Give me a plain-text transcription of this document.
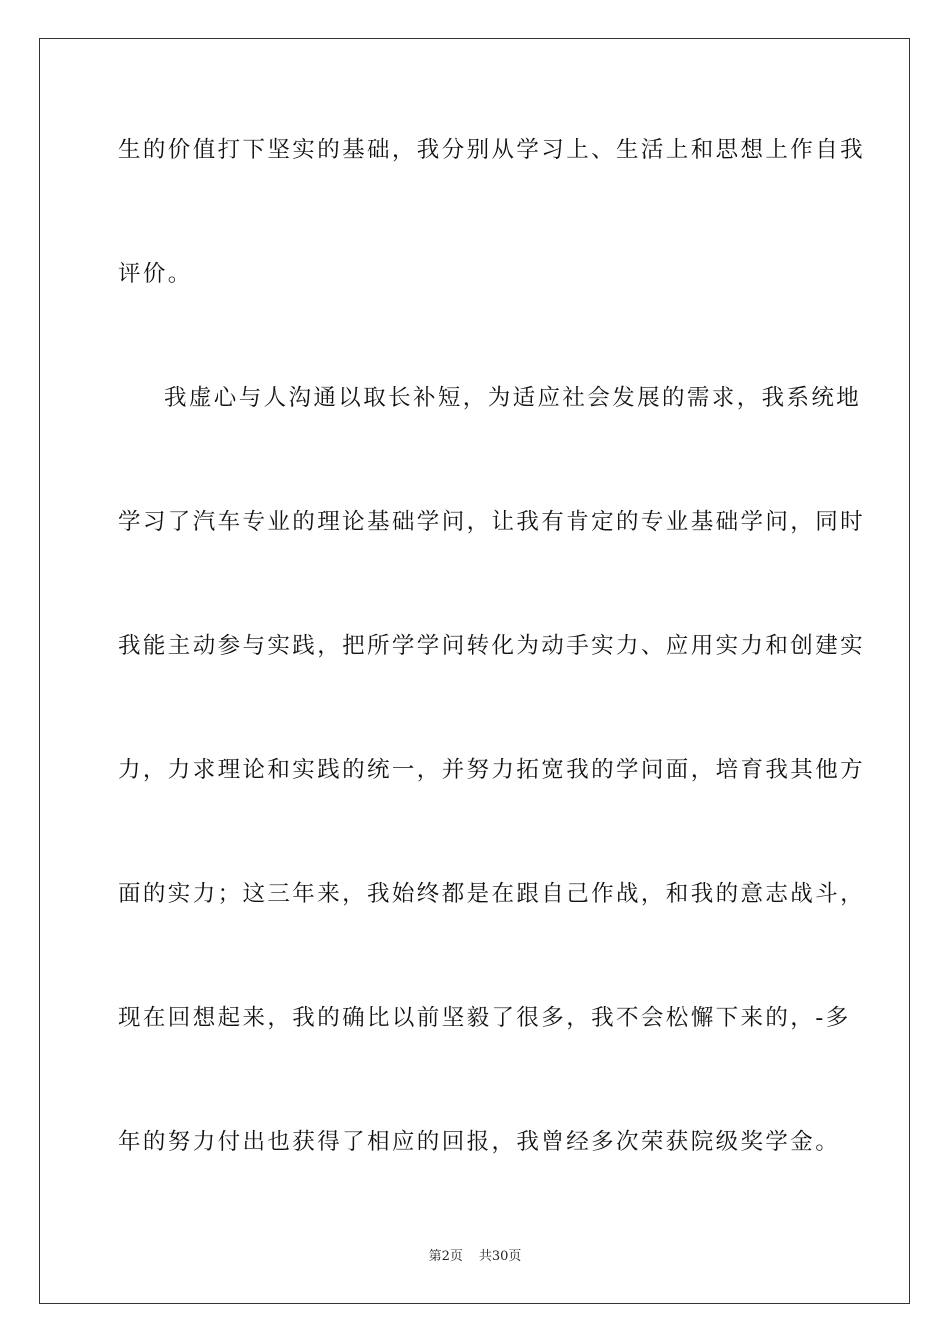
生的价值打下坚实的基础，我分别从学习上、生活上和思想上作自我
评价。
我虚心与人沟通以取长补短，为适应社会发展的需求，我系统地
学习了汽车专业的理论基础学问，让我有肯定的专业基础学问，同时
我能主动参与实践，把所学学问转化为动手实力、应用实力和创建实
力，力求理论和实践的统一，并努力拓宽我的学问面，培育我其他方
面的实力；这三年来，我始终都是在跟自己作战，和我的意志战斗，
现在回想起来，我的确比以前坚毅了很多，我不会松懈下来的，-多
年的努力付出也获得了相应的回报，我曾经多次荣获院级奖学金。
第2页 共30页
